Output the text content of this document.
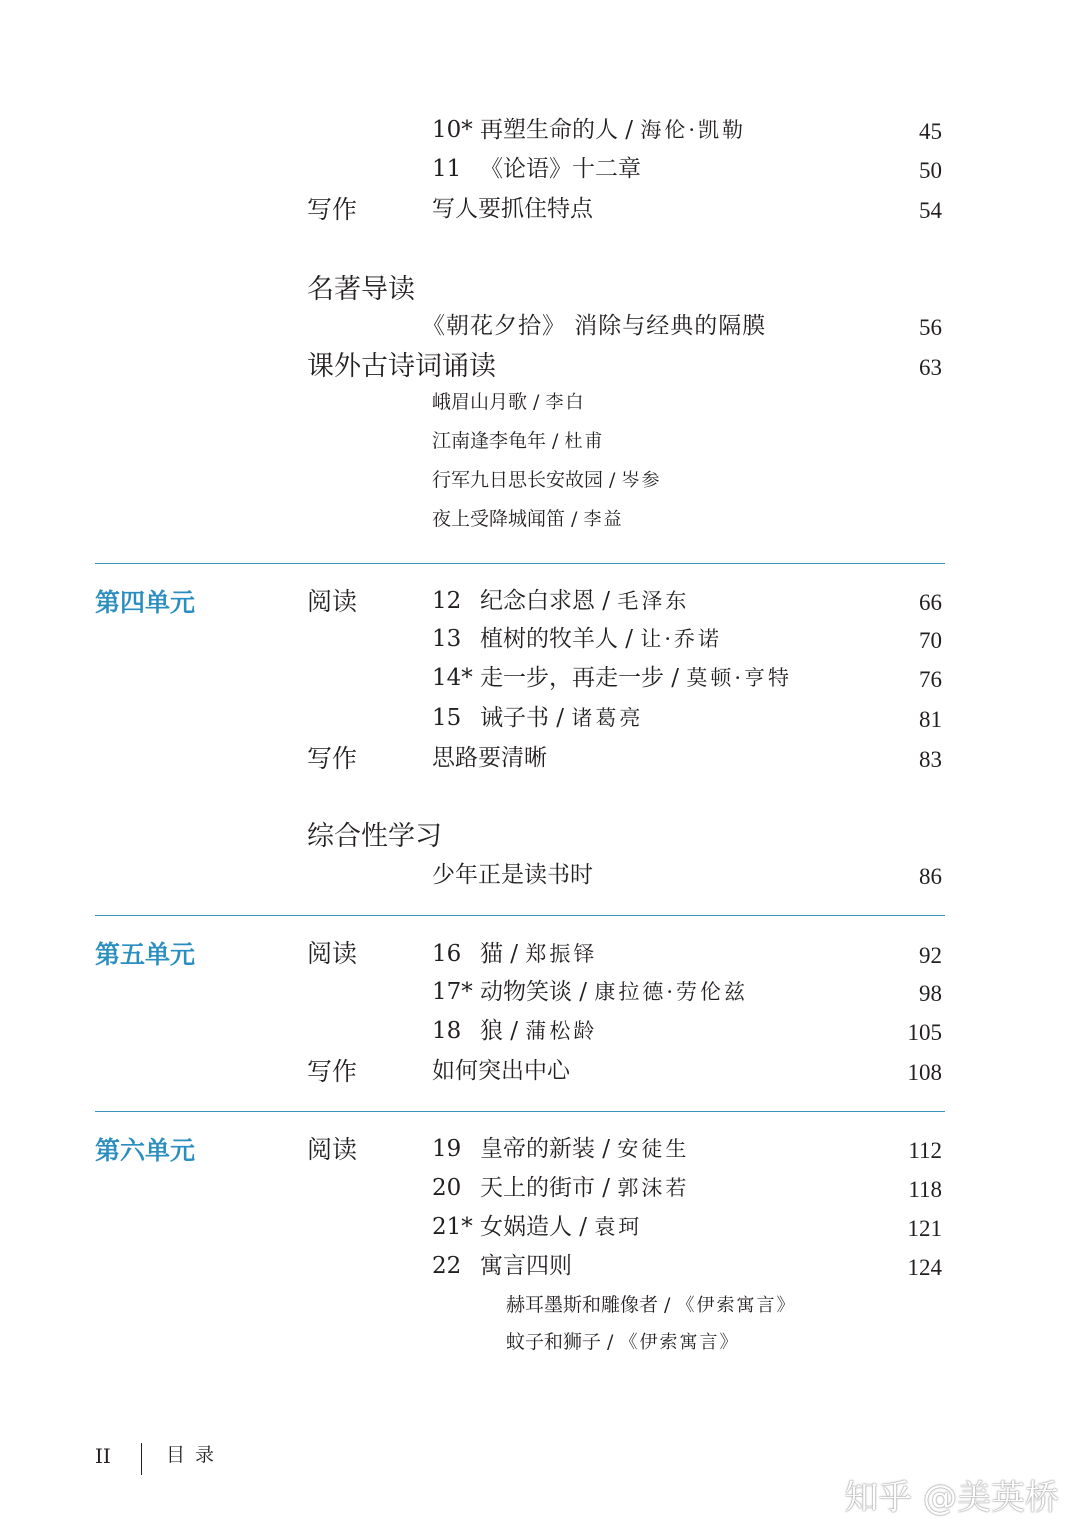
10* 再塑生命的人 / 海伦·凯勒	45
11 《论语》十二章	50
写作	写人要抓住特点	54
名著导读
《朝花夕拾》 消除与经典的隔膜	56
课外古诗词诵读	63
峨眉山月歌 / 李白
江南逢李龟年 / 杜甫
行军九日思长安故园 / 岑参
夜上受降城闻笛 / 李益
第四单元	阅读	12 纪念白求恩 / 毛泽东	66
13 植树的牧羊人 / 让·乔诺	70
14* 走一步，再走一步 / 莫顿·亨特	76
15 诫子书 / 诸葛亮	81
写作	思路要清晰	83
综合性学习
少年正是读书时	86
第五单元	阅读	16 猫 / 郑振铎	92
17* 动物笑谈 / 康拉德·劳伦兹	98
18 狼 / 蒲松龄	105
写作	如何突出中心	108
第六单元	阅读	19 皇帝的新装 / 安徒生	112
20 天上的街市 / 郭沫若	118
21* 女娲造人 / 袁珂	121
22 寓言四则	124
赫耳墨斯和雕像者 / 《伊索寓言》
蚊子和狮子 / 《伊索寓言》
II	目录
知乎 @美英桥
